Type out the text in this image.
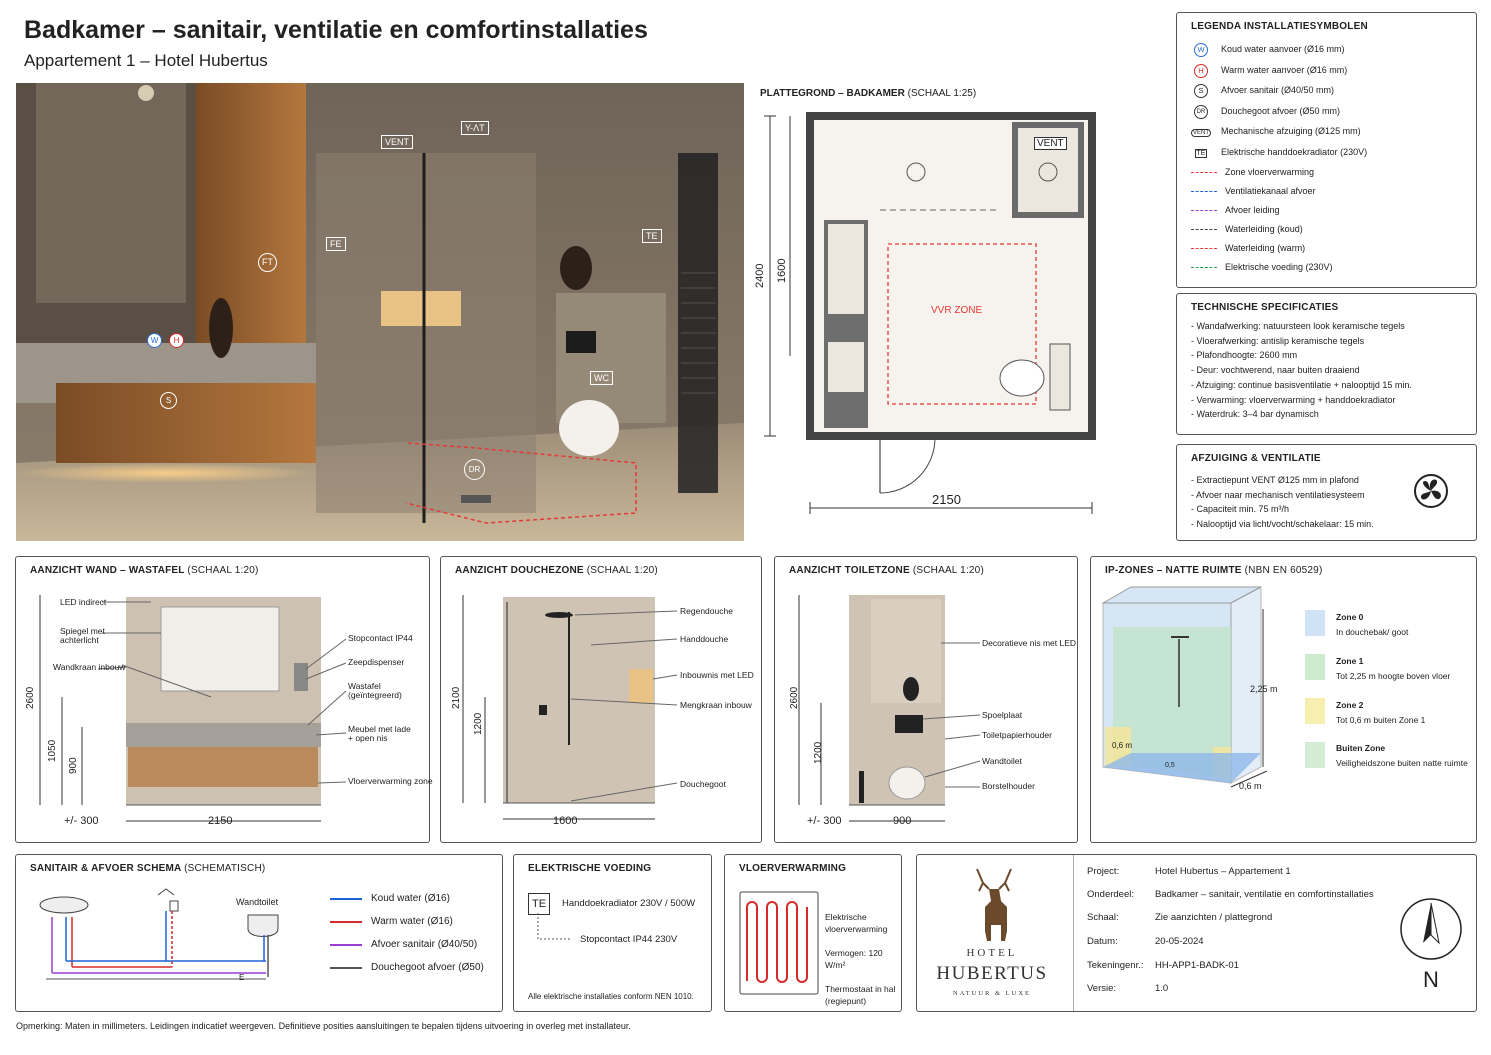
Badkamer – sanitair, ventilatie en comfortinstallaties
Appartement 1 – Hotel Hubertus
VENT
Y-ΛT
FE
FT
TE
W	H
S
WC
DR
PLATTEGROND – BADKAMER (SCHAAL 1:25)
2400 1600
2150
VVR ZONE
VENT
LEGENDA INSTALLATIESYMBOLEN
W Koud water aanvoer (Ø16 mm)
H Warm water aanvoer (Ø16 mm)
S Afvoer sanitair (Ø40/50 mm)
DR Douchegoot afvoer (Ø50 mm)
VENT Mechanische afzuiging (Ø125 mm)
TE Elektrische handdoekradiator (230V)
Zone vloerverwarming
Ventilatiekanaal afvoer
Afvoer leiding
Waterleiding (koud)
Waterleiding (warm)
Elektrische voeding (230V)
TECHNISCHE SPECIFICATIES
- Wandafwerking: natuursteen look keramische tegels
- Vloerafwerking: antislip keramische tegels
- Plafondhoogte: 2600 mm
- Deur: vochtwerend, naar buiten draaiend
- Afzuiging: continue basisventilatie + nalooptijd 15 min.
- Verwarming: vloerverwarming + handdoekradiator
- Waterdruk: 3–4 bar dynamisch
AFZUIGING & VENTILATIE
- Extractiepunt VENT Ø125 mm in plafond
- Afvoer naar mechanisch ventilatiesysteem
- Capaciteit min. 75 m³/h
- Nalooptijd via licht/vocht/schakelaar: 15 min.
AANZICHT WAND – WASTAFEL (SCHAAL 1:20)
LED indirect
Spiegel met achterlicht
Wandkraan inbouw
Stopcontact IP44
Zeepdispenser
Wastafel (geïntegreerd)
Meubel met lade + open nis
Vloerverwarming zone
2600
1050
900
+/- 300	2150
AANZICHT DOUCHEZONE (SCHAAL 1:20)
Regendouche
Handdouche
Inbouwnis met LED
Mengkraan inbouw
Douchegoot
2100
1200
1600
AANZICHT TOILETZONE (SCHAAL 1:20)
Decoratieve nis met LED
Spoelplaat
Toiletpapierhouder
Wandtoilet
Borstelhouder
2600
1200
+/- 300	900
IP-ZONES – NATTE RUIMTE (NBN EN 60529)
2,25 m
0,6 m
0,6 m
0,5
Zone 0
In douchebak/ goot
Zone 1
Tot 2,25 m hoogte boven vloer
Zone 2
Tot 0,6 m buiten Zone 1
Buiten Zone
Veiligheidszone buiten natte ruimte
SANITAIR & AFVOER SCHEMA (SCHEMATISCH)
Wandtoilet
E
Koud water (Ø16)
Warm water (Ø16)
Afvoer sanitair (Ø40/50)
Douchegoot afvoer (Ø50)
ELEKTRISCHE VOEDING
TE	Handdoekradiator 230V / 500W
Stopcontact IP44 230V
Alle elektrische installaties conform NEN 1010.
VLOERVERWARMING
Elektrische vloerverwarming
Vermogen: 120 W/m²
Thermostaat in hal (regiepunt)
HOTEL
HUBERTUS
NATUUR & LUXE
Project:	Hotel Hubertus – Appartement 1
Onderdeel: Badkamer – sanitair, ventilatie en comfortinstallaties
Schaal:	Zie aanzichten / plattegrond
Datum:	20-05-2024
Tekeningenr.: HH-APP1-BADK-01
Versie:	1.0	N
Opmerking: Maten in millimeters. Leidingen indicatief weergeven. Definitieve posities aansluitingen te bepalen tijdens uitvoering in overleg met installateur.
